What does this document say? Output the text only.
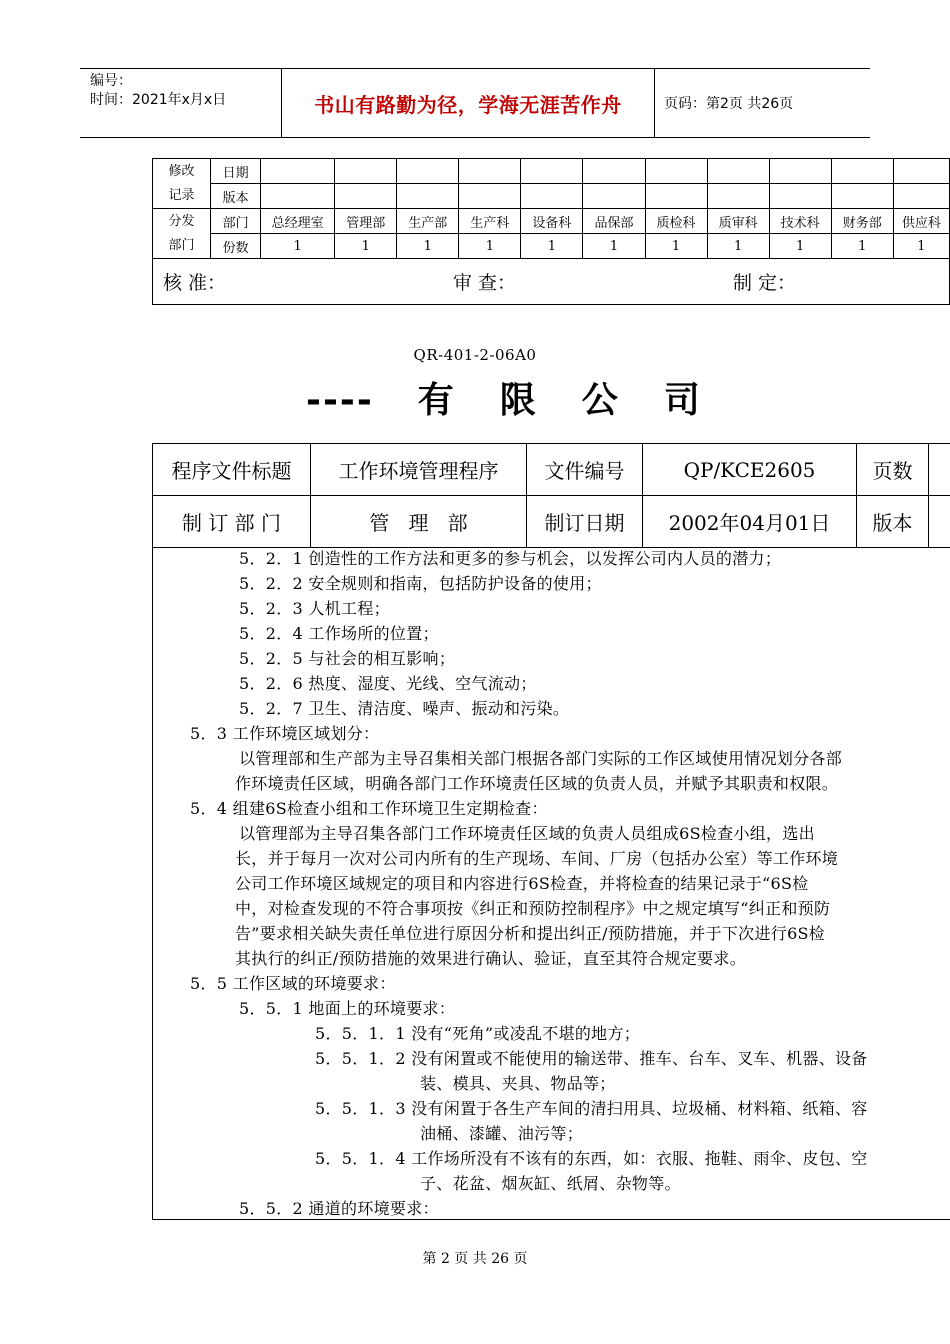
编号：
时间：2021年x月x日	书山有路勤为径，学海无涯苦作舟	页码：第2页 共26页
修改
记录	日期											
	版本											
分发
部门	部门	总经理室	管理部	生产部	生产科	设备科	品保部	质检科	质审科	技术科	财务部	供应科
	份数	1	1	1	1	1	1	1	1	1	1	1

核 准： 审 查： 制 定：												
QR-401-2-06A0
---- 有 限 公 司
程序文件标题	工作环境管理程序	文件编号	QP/KCE2605	页数	
制 订 部 门	管   理   部	制订日期	2002年04月01日	版本	
5．2．1 创造性的工作方法和更多的参与机会，以发挥公司内人员的潜力；
5．2．2 安全规则和指南，包括防护设备的使用；
5．2．3 人机工程；
5．2．4 工作场所的位置；
5．2．5 与社会的相互影响；
5．2．6 热度、湿度、光线、空气流动；
5．2．7 卫生、清洁度、噪声、振动和污染。
5．3 工作环境区域划分：
以管理部和生产部为主导召集相关部门根据各部门实际的工作区域使用情况划分各部
作环境责任区域，明确各部门工作环境责任区域的负责人员，并赋予其职责和权限。
5．4 组建6S检查小组和工作环境卫生定期检查：
以管理部为主导召集各部门工作环境责任区域的负责人员组成6S检查小组，选出
长，并于每月一次对公司内所有的生产现场、车间、厂房（包括办公室）等工作环境
公司工作环境区域规定的项目和内容进行6S检查，并将检查的结果记录于“6S检
中，对检查发现的不符合事项按《纠正和预防控制程序》中之规定填写“纠正和预防
告”要求相关缺失责任单位进行原因分析和提出纠正/预防措施，并于下次进行6S检
其执行的纠正/预防措施的效果进行确认、验证，直至其符合规定要求。
5．5 工作区域的环境要求：
5．5．1 地面上的环境要求：
5．5．1．1 没有“死角”或凌乱不堪的地方；
5．5．1．2 没有闲置或不能使用的输送带、推车、台车、叉车、机器、设备
装、模具、夹具、物品等；
5．5．1．3 没有闲置于各生产车间的清扫用具、垃圾桶、材料箱、纸箱、容
油桶、漆罐、油污等；
5．5．1．4 工作场所没有不该有的东西，如：衣服、拖鞋、雨伞、皮包、空
子、花盆、烟灰缸、纸屑、杂物等。
5．5．2 通道的环境要求：
第 2 页 共 26 页
